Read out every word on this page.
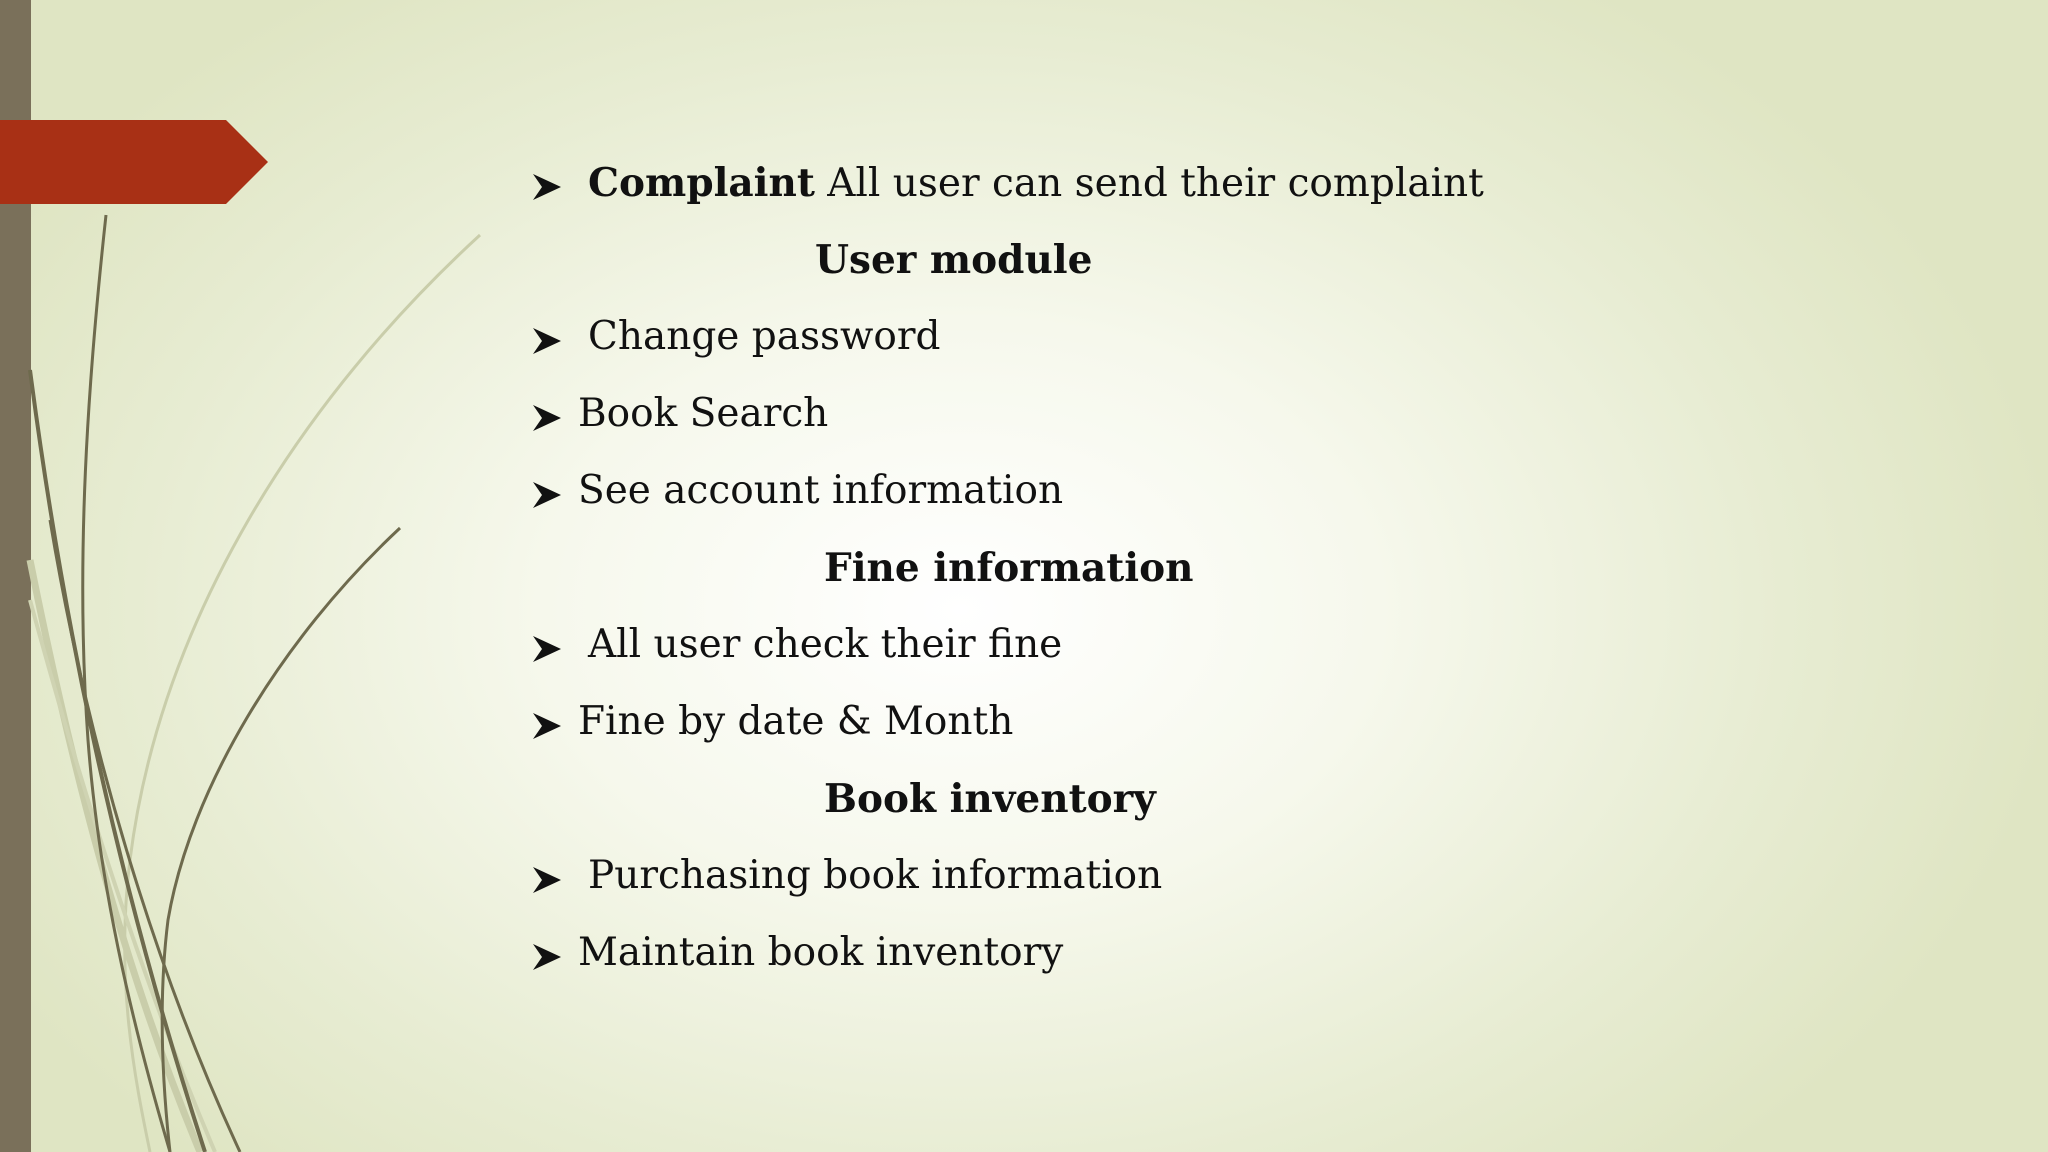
Complaint All user can send their complaint
User module
Change password
Book Search
See account information
Fine information
All user check their fine
Fine by date & Month
Book inventory
Purchasing book information
Maintain book inventory
